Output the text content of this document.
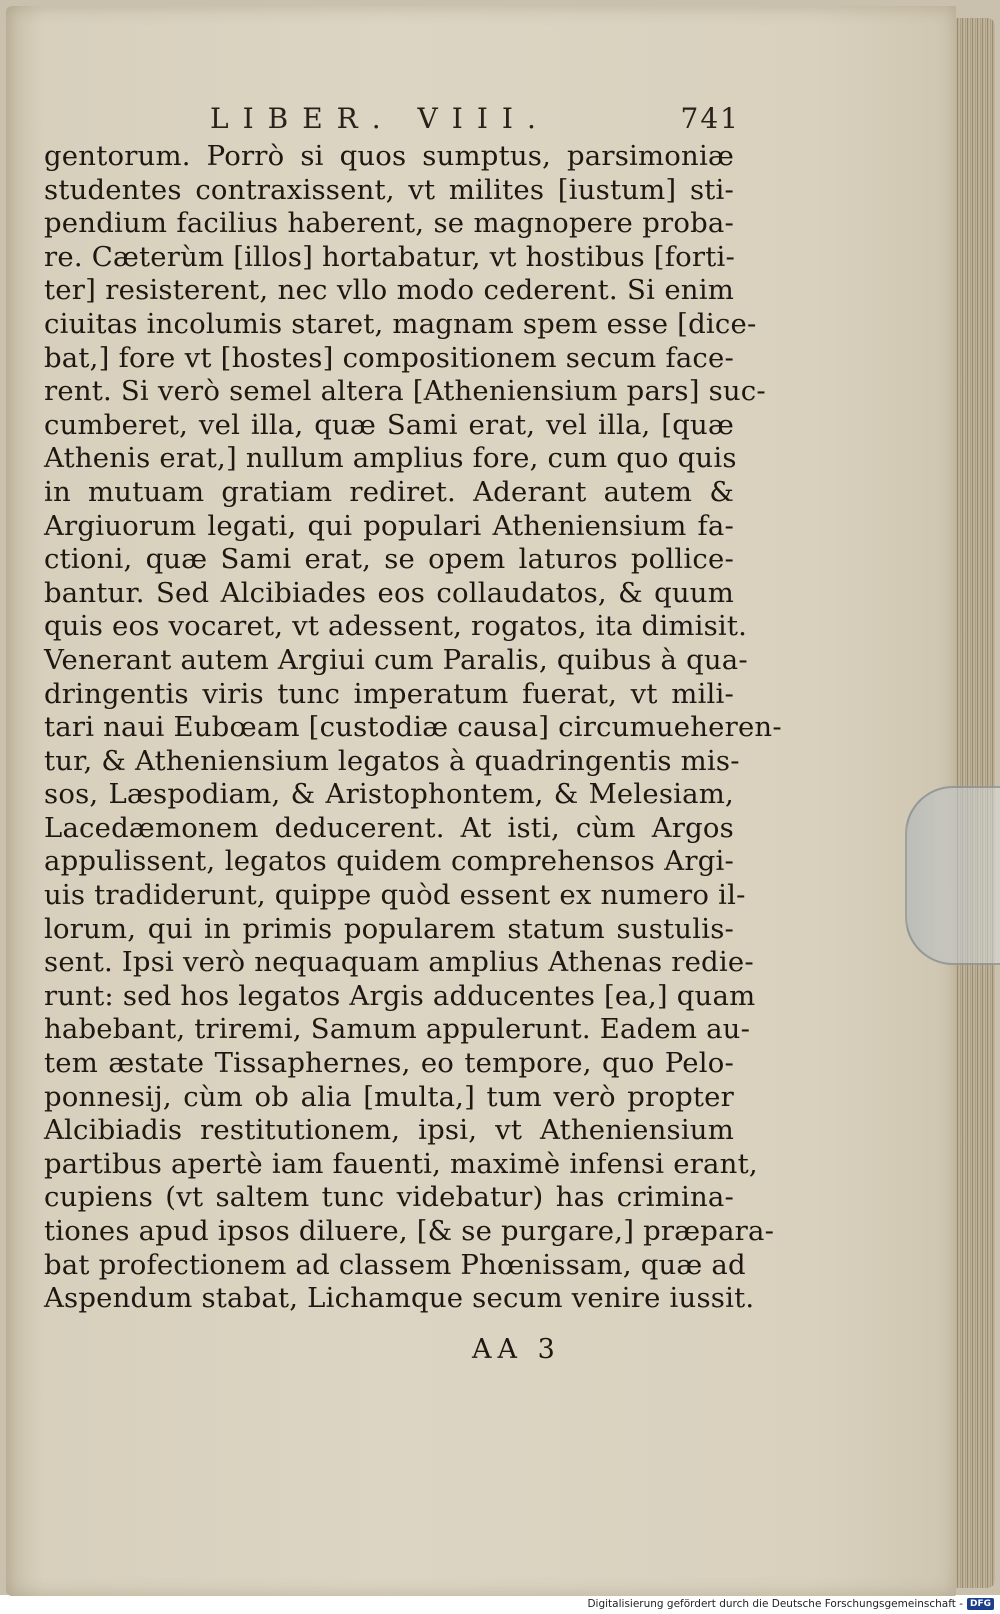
LIBER. VIII.	741
gentorum. Porrò si quos sumptus, parsimoniæ
studentes contraxissent, vt milites [iustum] sti-
pendium facilius haberent, se magnopere proba-
re. Cæterùm [illos] hortabatur, vt hostibus [forti-
ter] resisterent, nec vllo modo cederent. Si enim
ciuitas incolumis staret, magnam spem esse [dice-
bat,] fore vt [hostes] compositionem secum face-
rent. Si verò semel altera [Atheniensium pars] suc-
cumberet, vel illa, quæ Sami erat, vel illa, [quæ
Athenis erat,] nullum amplius fore, cum quo quis
in mutuam gratiam rediret. Aderant autem &
Argiuorum legati, qui populari Atheniensium fa-
ctioni, quæ Sami erat, se opem laturos pollice-
bantur. Sed Alcibiades eos collaudatos, & quum
quis eos vocaret, vt adessent, rogatos, ita dimisit.
Venerant autem Argiui cum Paralis, quibus à qua-
dringentis viris tunc imperatum fuerat, vt mili-
tari naui Eubœam [custodiæ causa] circumueheren-
tur, & Atheniensium legatos à quadringentis mis-
sos, Læspodiam, & Aristophontem, & Melesiam,
Lacedæmonem deducerent. At isti, cùm Argos
appulissent, legatos quidem comprehensos Argi-
uis tradiderunt, quippe quòd essent ex numero il-
lorum, qui in primis popularem statum sustulis-
sent. Ipsi verò nequaquam amplius Athenas redie-
runt: sed hos legatos Argis adducentes [ea,] quam
habebant, triremi, Samum appulerunt. Eadem au-
tem æstate Tissaphernes, eo tempore, quo Pelo-
ponnesij, cùm ob alia [multa,] tum verò propter
Alcibiadis restitutionem, ipsi, vt Atheniensium
partibus apertè iam fauenti, maximè infensi erant,
cupiens (vt saltem tunc videbatur) has crimina-
tiones apud ipsos diluere, [& se purgare,] præpara-
bat profectionem ad classem Phœnissam, quæ ad
Aspendum stabat, Lichamque secum venire iussit.
AA 3
Digitalisierung gefördert durch die Deutsche Forschungsgemeinschaft - DFG
